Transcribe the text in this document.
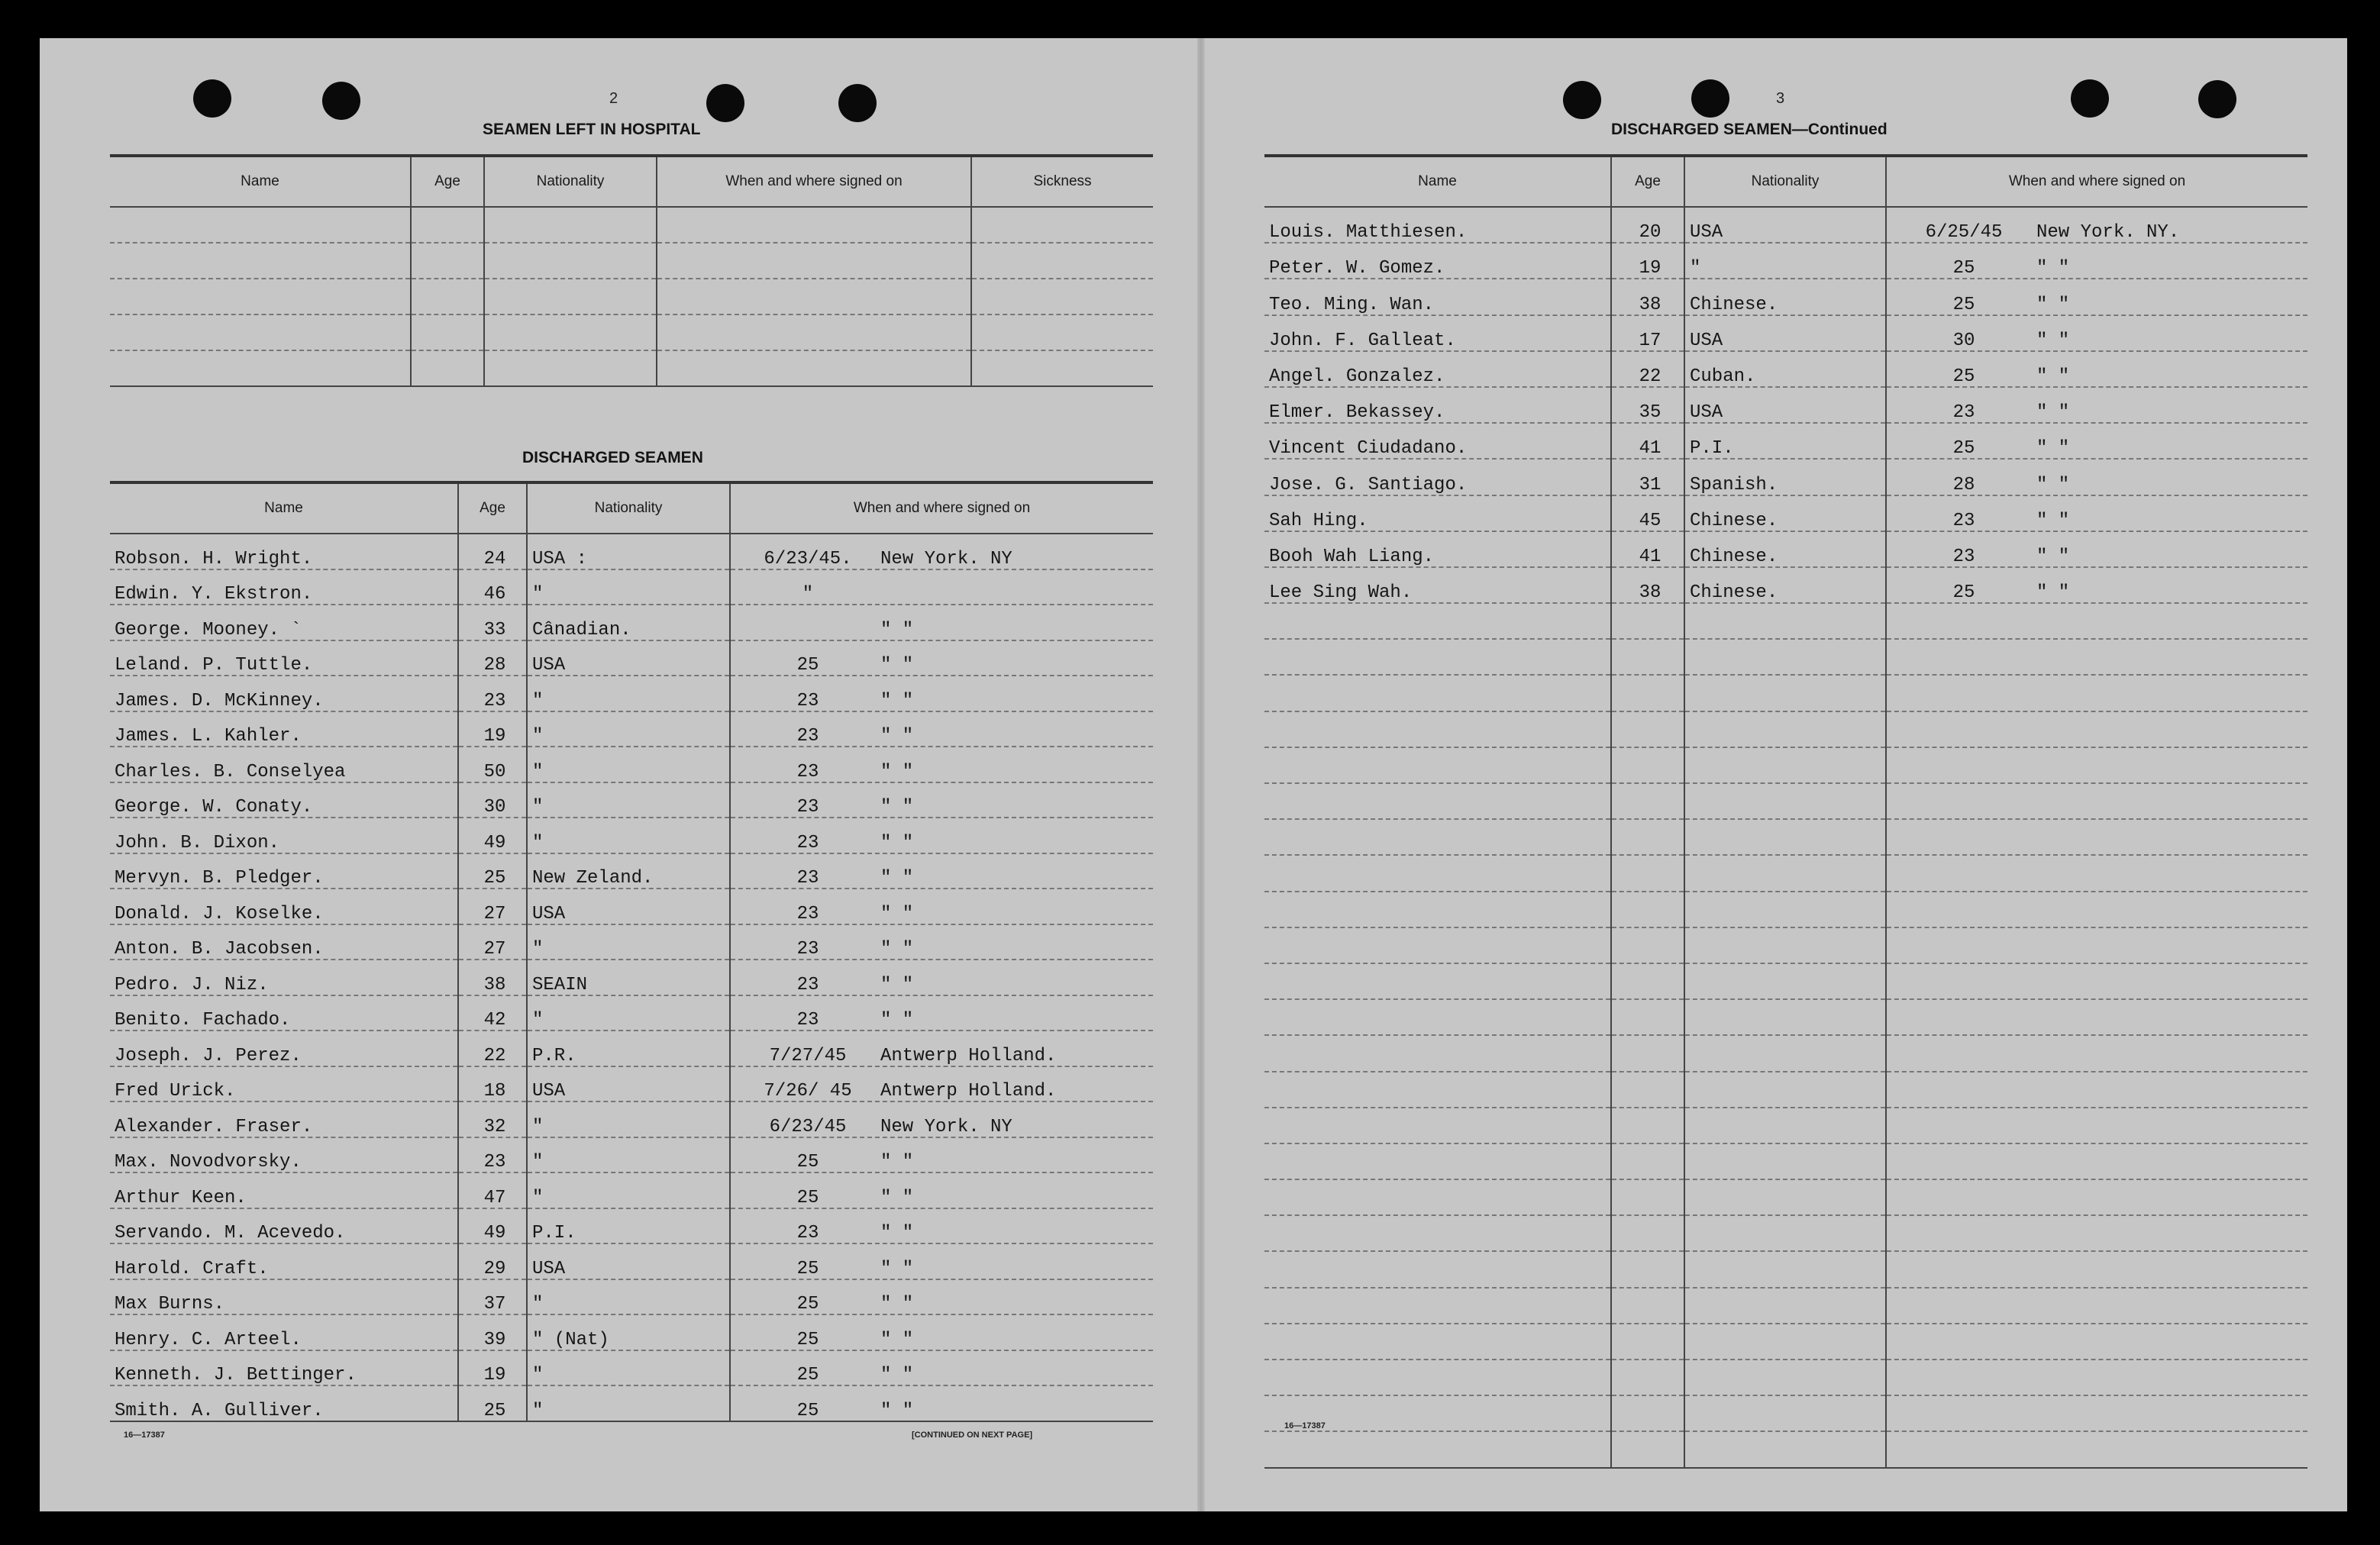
2
SEAMEN LEFT IN HOSPITAL
Name	Age	Nationality	When and where signed on	Sickness

DISCHARGED SEAMEN
Name	Age	Nationality	When and where signed on
Robson. H. Wright.	24	USA :	6/23/45. New York. NY

Edwin. Y. Ekstron.	46	"	"

George. Mooney. `	33	Cânadian.	" "

Leland. P. Tuttle.	28	USA	25 " "

James. D. McKinney.	23	"	23 " "

James. L. Kahler.	19	"	23 " "

Charles. B. Conselyea	50	"	23 " "

George. W. Conaty.	30	"	23 " "

John. B. Dixon.	49	"	23 " "

Mervyn. B. Pledger.	25	New Zeland.	23 " "

Donald. J. Koselke.	27	USA	23 " "

Anton. B. Jacobsen.	27	"	23 " "

Pedro. J. Niz.	38	SEAIN	23 " "

Benito. Fachado.	42	"	23 " "

Joseph. J. Perez.	22	P.R.	7/27/45 Antwerp Holland.

Fred Urick.	18	USA	7/26/ 45 Antwerp Holland.

Alexander. Fraser.	32	"	6/23/45 New York. NY

Max. Novodvorsky.	23	"	25 " "

Arthur Keen.	47	"	25 " "

Servando. M. Acevedo.	49	P.I.	23 " "

Harold. Craft.	29	USA	25 " "

Max Burns.	37	"	25 " "

Henry. C. Arteel.	39	" (Nat)	25 " "

Kenneth. J. Bettinger.	19	"	25 " "

Smith. A. Gulliver.	25	"	25 " "
16—17387	[CONTINUED ON NEXT PAGE]
3
DISCHARGED SEAMEN—Continued
Name	Age	Nationality	When and where signed on
Louis. Matthiesen.	20	USA	6/25/45 New York. NY.

Peter. W. Gomez.	19	"	25 " "

Teo. Ming. Wan.	38	Chinese.	25 " "

John. F. Galleat.	17	USA	30 " "

Angel. Gonzalez.	22	Cuban.	25 " "

Elmer. Bekassey.	35	USA	23 " "

Vincent Ciudadano.	41	P.I.	25 " "

Jose. G. Santiago.	31	Spanish.	28 " "

Sah Hing.	45	Chinese.	23 " "

Booh Wah Liang.	41	Chinese.	23 " "

Lee Sing Wah.	38	Chinese.	25 " "

16—17387
